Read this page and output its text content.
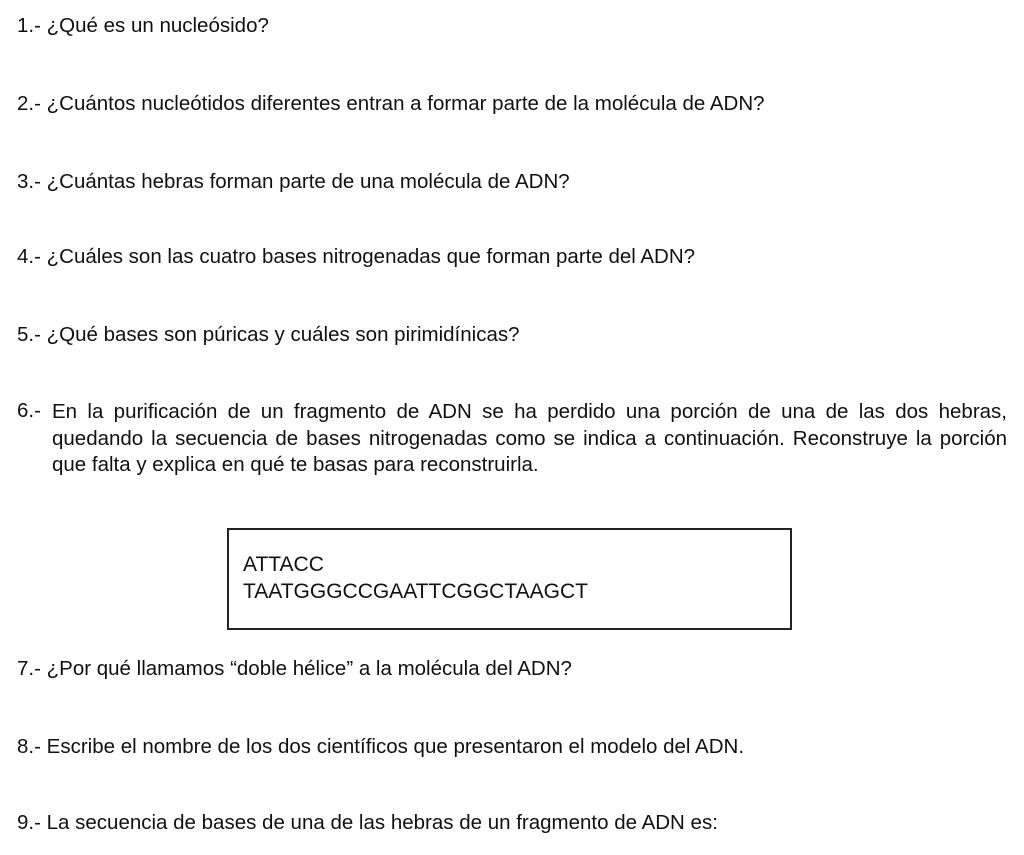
1.- ¿Qué es un nucleósido?

2.- ¿Cuántos nucleótidos diferentes entran a formar parte de la molécula de ADN?

3.- ¿Cuántas hebras forman parte de una molécula de ADN?

4.- ¿Cuáles son las cuatro bases nitrogenadas que forman parte del ADN?

5.- ¿Qué bases son púricas y cuáles son pirimidínicas?

6.- En la purificación de un fragmento de ADN se ha perdido una porción de una de las dos hebras, quedando la secuencia de bases nitrogenadas como se indica a continuación. Reconstruye la porción que falta y explica en qué te basas para reconstruirla.

ATTACC

TAATGGGCCGAATTCGGCTAAGCT

7.- ¿Por qué llamamos “doble hélice” a la molécula del ADN?

8.- Escribe el nombre de los dos científicos que presentaron el modelo del ADN.

9.- La secuencia de bases de una de las hebras de un fragmento de ADN es:
